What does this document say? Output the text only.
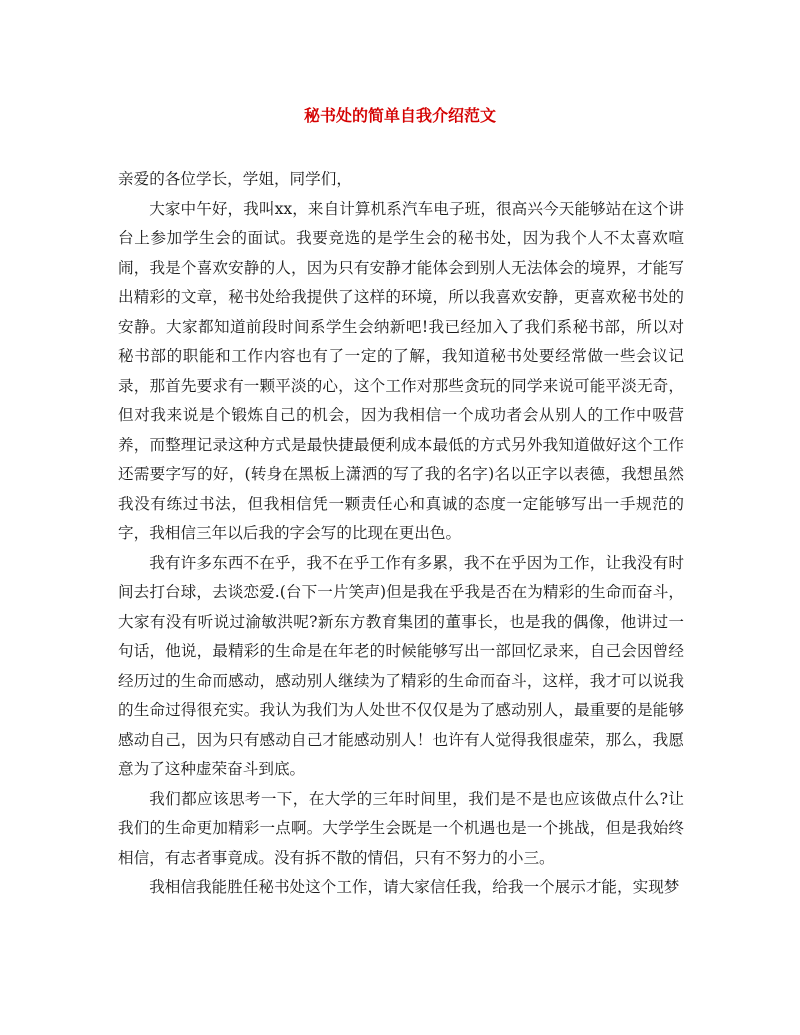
秘书处的简单自我介绍范文

亲爱的各位学长，学姐，同学们，

大家中午好，我叫xx，来自计算机系汽车电子班，很高兴今天能够站在这个讲台上参加学生会的面试。我要竞选的是学生会的秘书处，因为我个人不太喜欢喧闹，我是个喜欢安静的人，因为只有安静才能体会到别人无法体会的境界，才能写出精彩的文章，秘书处给我提供了这样的环境，所以我喜欢安静，更喜欢秘书处的安静。大家都知道前段时间系学生会纳新吧!我已经加入了我们系秘书部，所以对秘书部的职能和工作内容也有了一定的了解，我知道秘书处要经常做一些会议记录，那首先要求有一颗平淡的心，这个工作对那些贪玩的同学来说可能平淡无奇，但对我来说是个锻炼自己的机会，因为我相信一个成功者会从别人的工作中吸营养，而整理记录这种方式是最快捷最便利成本最低的方式另外我知道做好这个工作还需要字写的好，(转身在黑板上潇洒的写了我的名字)名以正字以表德，我想虽然我没有练过书法，但我相信凭一颗责任心和真诚的态度一定能够写出一手规范的字，我相信三年以后我的字会写的比现在更出色。

我有许多东西不在乎，我不在乎工作有多累，我不在乎因为工作，让我没有时间去打台球，去谈恋爱.(台下一片笑声)但是我在乎我是否在为精彩的生命而奋斗，大家有没有听说过渝敏洪呢?新东方教育集团的董事长，也是我的偶像，他讲过一句话，他说，最精彩的生命是在年老的时候能够写出一部回忆录来，自己会因曾经经历过的生命而感动，感动别人继续为了精彩的生命而奋斗，这样，我才可以说我的生命过得很充实。我认为我们为人处世不仅仅是为了感动别人，最重要的是能够感动自己，因为只有感动自己才能感动别人！也许有人觉得我很虚荣，那么，我愿意为了这种虚荣奋斗到底。

我们都应该思考一下，在大学的三年时间里，我们是不是也应该做点什么?让我们的生命更加精彩一点啊。大学学生会既是一个机遇也是一个挑战，但是我始终相信，有志者事竟成。没有拆不散的情侣，只有不努力的小三。

我相信我能胜任秘书处这个工作，请大家信任我，给我一个展示才能，实现梦
